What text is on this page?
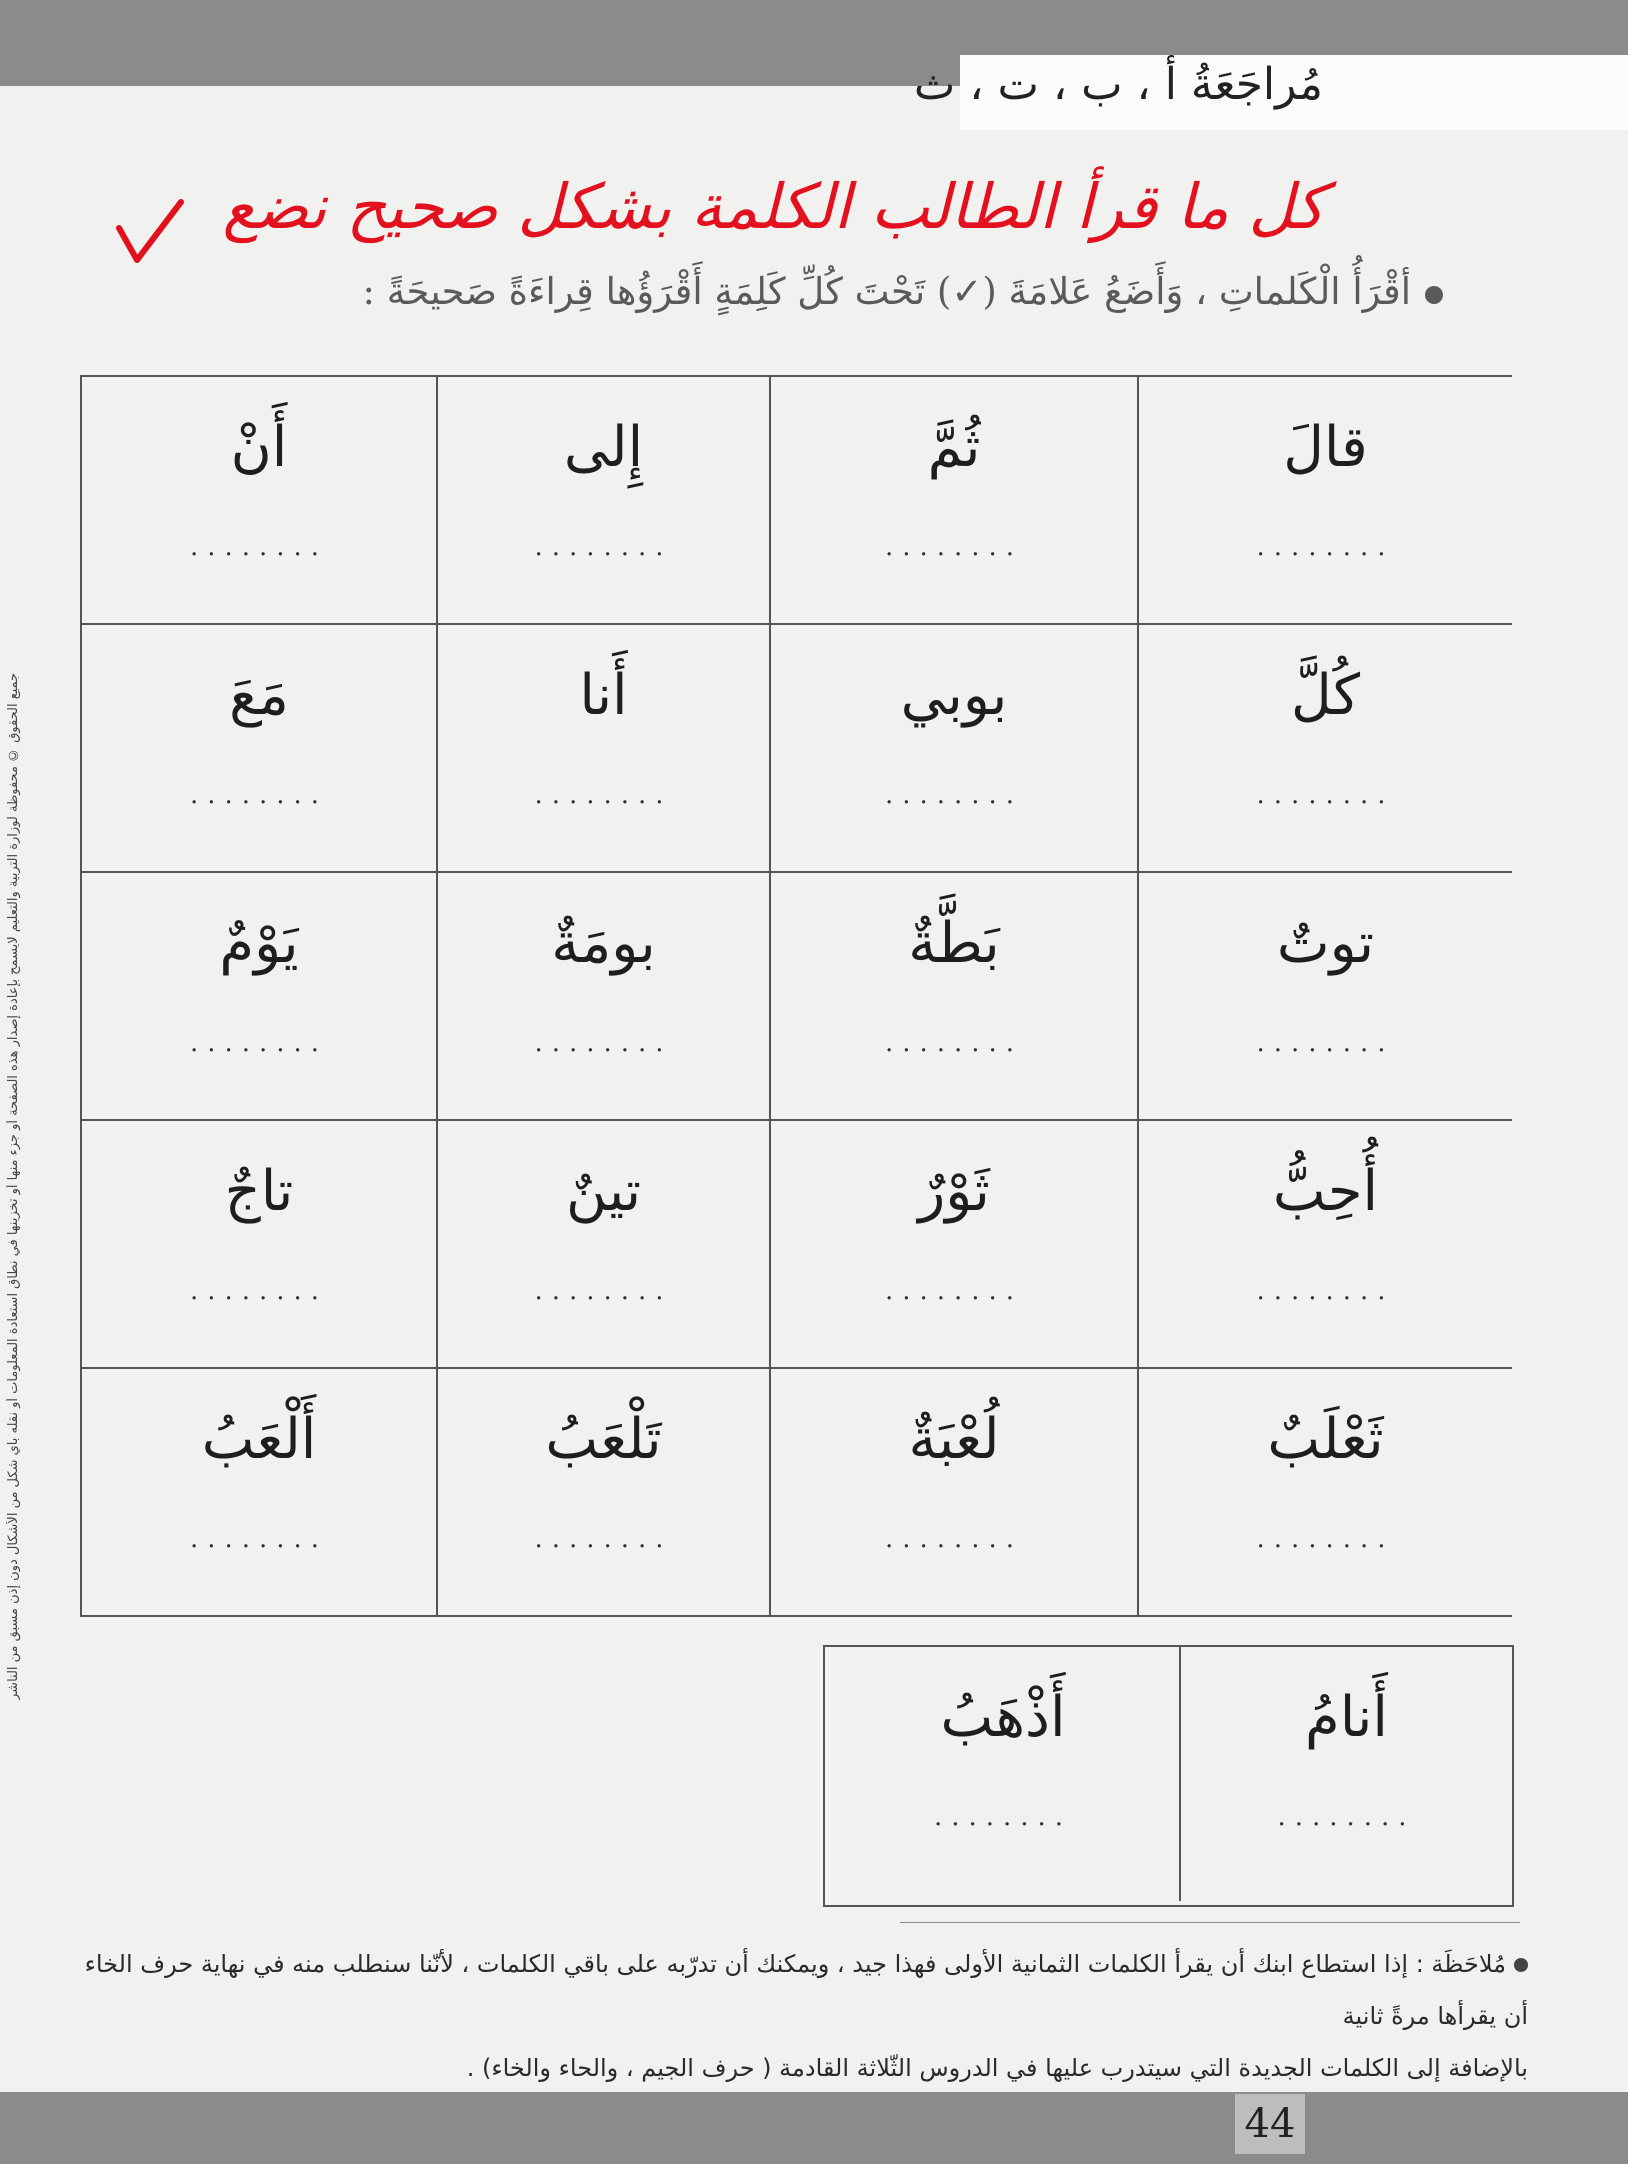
مُراجَعَةُ أ ، ب ، ت ، ث
كل ما قرأ الطالب الكلمة بشكل صحيح نضع
أقْرَأُ الْكَلماتِ ، وَأَضَعُ عَلامَةَ (✓) تَحْتَ كُلِّ كَلِمَةٍ أَقْرَؤُها قِراءَةً صَحيحَةً :
جميع الحقوق © محفوظة لوزارة التربية والتعليم لايسمح بإعادة إصدار هذه الصفحة أو جزء منها أو تخزينها في نطاق استعادة المعلومات أو نقله بأي شكل من الأشكال دون إذن مسبق من الناشر
قالَ
........
ثُمَّ
........
إِلى
........
أَنْ
........
كُلَّ
........
بوبي
........
أَنا
........
مَعَ
........
توتٌ
........
بَطَّةٌ
........
بومَةٌ
........
يَوْمٌ
........
أُحِبُّ
........
ثَوْرٌ
........
تينٌ
........
تاجٌ
........
ثَعْلَبٌ
........
لُعْبَةٌ
........
تَلْعَبُ
........
أَلْعَبُ
........
أَنامُ
........
أَذْهَبُ
........
مُلاحَظَة : إذا استطاع ابنك أن يقرأ الكلمات الثمانية الأولى فهذا جيد ، ويمكنك أن تدرّبه على باقي الكلمات ، لأنّنا سنطلب منه في نهاية حرف الخاء أن يقرأها مرةً ثانية
بالإضافة إلى الكلمات الجديدة التي سيتدرب عليها في الدروس الثّلاثة القادمة ( حرف الجيم ، والحاء والخاء) .
44
